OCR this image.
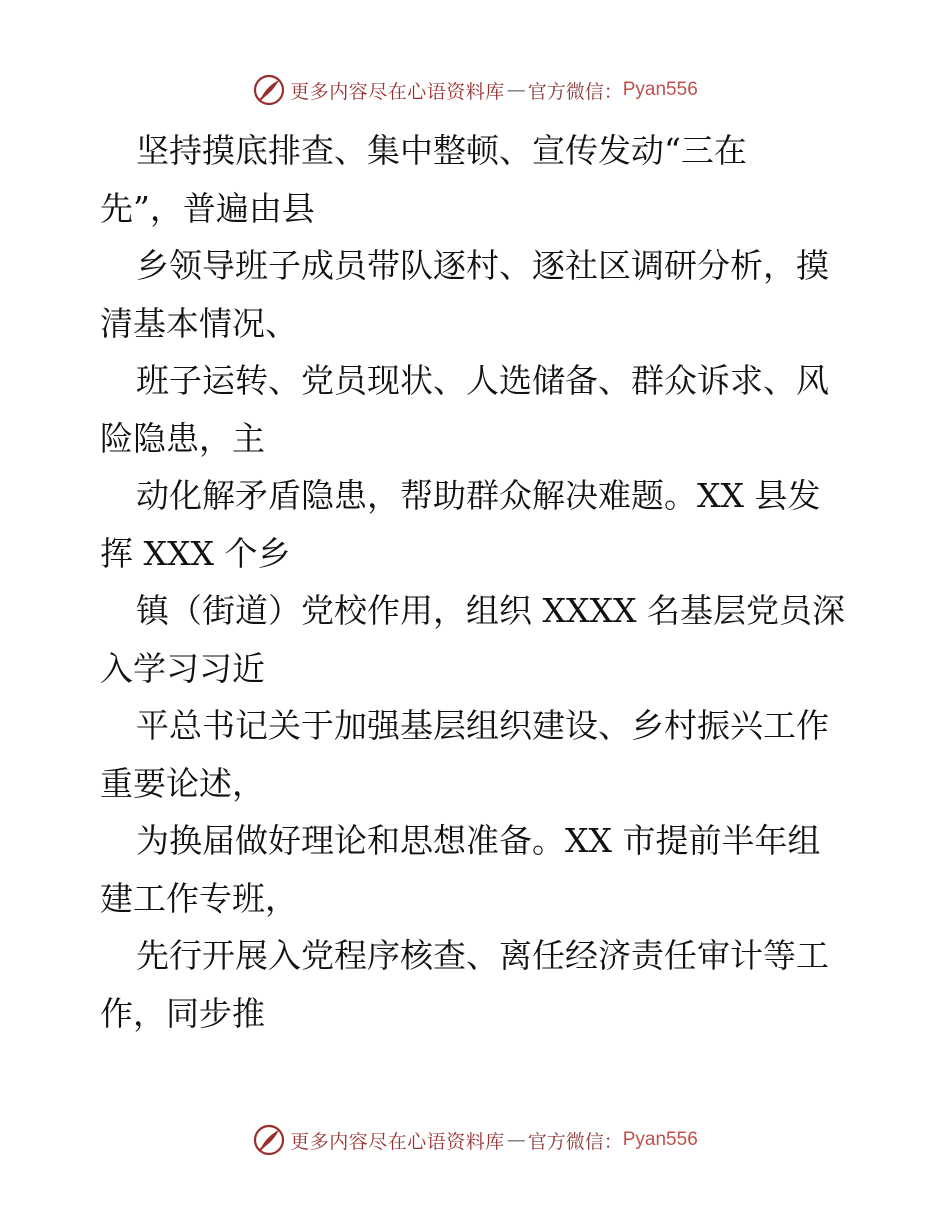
更多内容尽在心语资料库 — 官方微信： Pyan556
坚持摸底排查、集中整顿、宣传发动“三在
先”，普遍由县
乡领导班子成员带队逐村、逐社区调研分析，摸
清基本情况、
班子运转、党员现状、人选储备、群众诉求、风
险隐患，主
动化解矛盾隐患，帮助群众解决难题。XX 县发
挥 XXX 个乡
镇（街道）党校作用，组织 XXXX 名基层党员深
入学习习近
平总书记关于加强基层组织建设、乡村振兴工作
重要论述，
为换届做好理论和思想准备。XX 市提前半年组
建工作专班，
先行开展入党程序核查、离任经济责任审计等工
作，同步推
更多内容尽在心语资料库 — 官方微信： Pyan556
